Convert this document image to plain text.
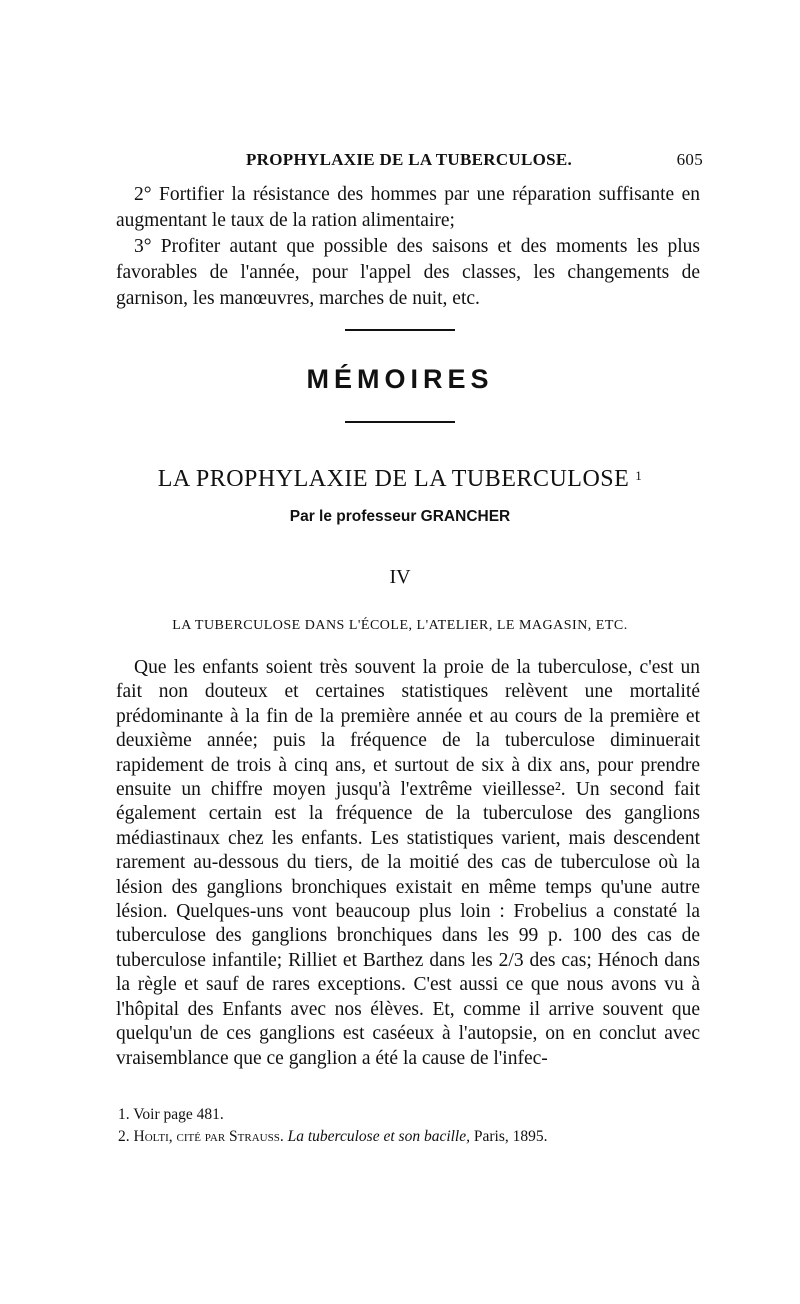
PROPHYLAXIE DE LA TUBERCULOSE.	605

2° Fortifier la résistance des hommes par une réparation suffisante en augmentant le taux de la ration alimentaire;

3° Profiter autant que possible des saisons et des moments les plus favorables de l'année, pour l'appel des classes, les changements de garnison, les manœuvres, marches de nuit, etc.

MÉMOIRES
LA PROPHYLAXIE DE LA TUBERCULOSE $^1$
Par le professeur GRANCHER
IV
LA TUBERCULOSE DANS L'ÉCOLE, L'ATELIER, LE MAGASIN, ETC.

Que les enfants soient très souvent la proie de la tuberculose, c'est un fait non douteux et certaines statistiques relèvent une mortalité prédominante à la fin de la première année et au cours de la première et deuxième année; puis la fréquence de la tuberculose diminuerait rapidement de trois à cinq ans, et surtout de six à dix ans, pour prendre ensuite un chiffre moyen jusqu'à l'extrême vieillesse². Un second fait également certain est la fréquence de la tuberculose des ganglions médiastinaux chez les enfants. Les statistiques varient, mais descendent rarement au-dessous du tiers, de la moitié des cas de tuberculose où la lésion des ganglions bronchiques existait en même temps qu'une autre lésion. Quelques-uns vont beaucoup plus loin : Frobelius a constaté la tuberculose des ganglions bronchiques dans les 99 p. 100 des cas de tuberculose infantile; Rilliet et Barthez dans les 2/3 des cas; Hénoch dans la règle et sauf de rares exceptions. C'est aussi ce que nous avons vu à l'hôpital des Enfants avec nos élèves. Et, comme il arrive souvent que quelqu'un de ces ganglions est caséeux à l'autopsie, on en conclut avec vraisemblance que ce ganglion a été la cause de l'infec-

1. Voir page 481.
2. Holti, cité par Strauss. La tuberculose et son bacille, Paris, 1895.
